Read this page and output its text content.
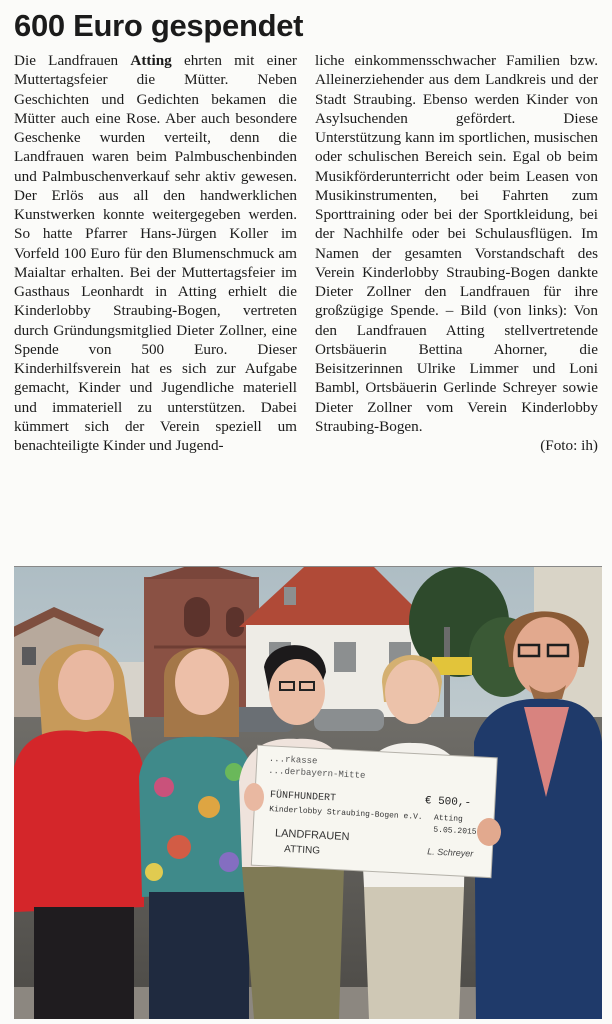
600 Euro gespendet

Die Landfrauen Atting ehrten mit einer Muttertagsfeier die Mütter. Neben Geschichten und Gedichten bekamen die Mütter auch eine Rose. Aber auch besondere Geschenke wurden verteilt, denn die Landfrauen waren beim Palmbuschenbinden und Palmbuschenverkauf sehr aktiv gewesen. Der Erlös aus all den handwerklichen Kunstwerken konnte weitergegeben werden. So hatte Pfarrer Hans-Jürgen Koller im Vorfeld 100 Euro für den Blumenschmuck am Maialtar erhalten. Bei der Muttertagsfeier im Gasthaus Leonhardt in Atting erhielt die Kinderlobby Straubing-Bogen, vertreten durch Gründungsmitglied Dieter Zollner, eine Spende von 500 Euro. Dieser Kinderhilfsverein hat es sich zur Aufgabe gemacht, Kinder und Jugendliche materiell und immateriell zu unterstützen. Dabei kümmert sich der Verein speziell um benachteiligte Kinder und Jugend-

liche einkommensschwacher Familien bzw. Alleinerziehender aus dem Landkreis und der Stadt Straubing. Ebenso werden Kinder von Asylsuchenden gefördert. Diese Unterstützung kann im sportlichen, musischen oder schulischen Bereich sein. Egal ob beim Musikförderunterricht oder beim Leasen von Musikinstrumenten, bei Fahrten zum Sporttraining oder bei der Sportkleidung, bei der Nachhilfe oder bei Schulausflügen. Im Namen der gesamten Vorstandschaft des Verein Kinderlobby Straubing-Bogen dankte Dieter Zollner den Landfrauen für ihre großzügige Spende. – Bild (von links): Von den Landfrauen Atting stellvertretende Ortsbäuerin Bettina Ahorner, die Beisitzerinnen Ulrike Limmer und Loni Bambl, Ortsbäuerin Gerlinde Schreyer sowie Dieter Zollner vom Verein Kinderlobby Straubing-Bogen.
(Foto: ih)

...rkasse
...derbayern-Mitte
FÜNFHUNDERT
Kinderlobby Straubing-Bogen e.V.
€ 500,-
Atting
5.05.2015
LANDFRAUEN
ATTING	L. Schreyer
